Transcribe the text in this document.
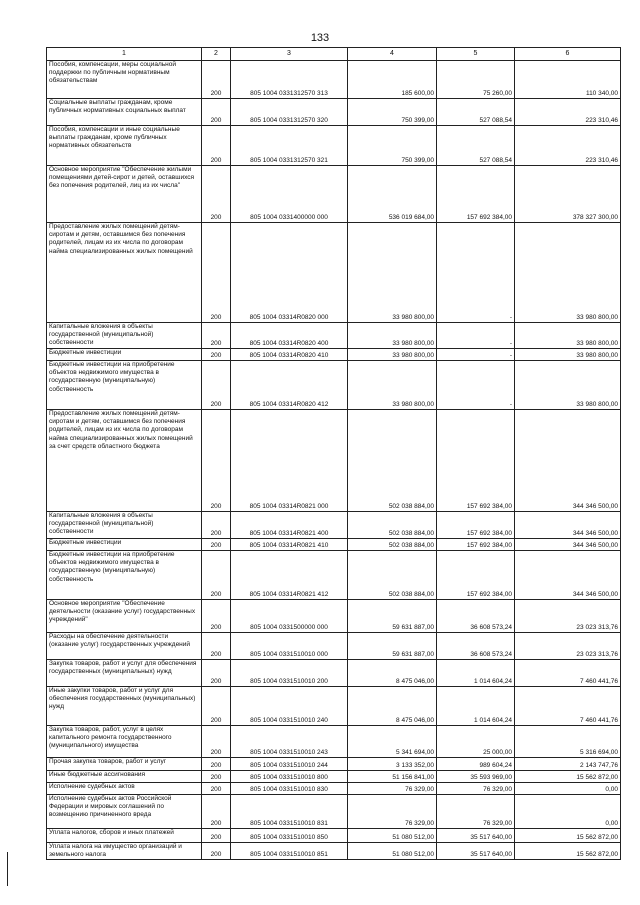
133
1	2	3	4	5	6
Пособия, компенсации, меры социальной поддержки по публичным нормативным обязательствам	200	805 1004 0331312570 313	185 600,00	75 260,00	110 340,00
Социальные выплаты гражданам, кроме публичных нормативных социальных выплат	200	805 1004 0331312570 320	750 399,00	527 088,54	223 310,46
Пособия, компенсации и иные социальные выплаты гражданам, кроме публичных нормативных обязательств	200	805 1004 0331312570 321	750 399,00	527 088,54	223 310,46
Основное мероприятие "Обеспечение жилыми помещениями детей-сирот и детей, оставшихся без попечения родителей, лиц из их числа"	200	805 1004 0331400000 000	536 019 684,00	157 692 384,00	378 327 300,00
Предоставление жилых помещений детям-сиротам и детям, оставшимся без попечения родителей, лицам из их числа по договорам найма специализированных жилых помещений	200	805 1004 03314R0820 000	33 980 800,00	-	33 980 800,00
Капитальные вложения в объекты государственной (муниципальной) собственности	200	805 1004 03314R0820 400	33 980 800,00	-	33 980 800,00
Бюджетные инвестиции	200	805 1004 03314R0820 410	33 980 800,00	-	33 980 800,00
Бюджетные инвестиции на приобретение объектов недвижимого имущества в государственную (муниципальную) собственность	200	805 1004 03314R0820 412	33 980 800,00	-	33 980 800,00
Предоставление жилых помещений детям-сиротам и детям, оставшимся без попечения родителей, лицам из их числа по договорам найма специализированных жилых помещений за счет средств областного бюджета	200	805 1004 03314R0821 000	502 038 884,00	157 692 384,00	344 346 500,00
Капитальные вложения в объекты государственной (муниципальной) собственности	200	805 1004 03314R0821 400	502 038 884,00	157 692 384,00	344 346 500,00
Бюджетные инвестиции	200	805 1004 03314R0821 410	502 038 884,00	157 692 384,00	344 346 500,00
Бюджетные инвестиции на приобретение объектов недвижимого имущества в государственную (муниципальную) собственность	200	805 1004 03314R0821 412	502 038 884,00	157 692 384,00	344 346 500,00
Основное мероприятие "Обеспечение деятельности (оказание услуг) государственных учреждений"	200	805 1004 0331500000 000	59 631 887,00	36 608 573,24	23 023 313,76
Расходы на обеспечение деятельности (оказание услуг) государственных учреждений	200	805 1004 0331510010 000	59 631 887,00	36 608 573,24	23 023 313,76
Закупка товаров, работ и услуг для обеспечения государственных (муниципальных) нужд	200	805 1004 0331510010 200	8 475 046,00	1 014 604,24	7 460 441,76
Иные закупки товаров, работ и услуг для обеспечения государственных (муниципальных) нужд	200	805 1004 0331510010 240	8 475 046,00	1 014 604,24	7 460 441,76
Закупка товаров, работ, услуг в целях капитального ремонта государственного (муниципального) имущества	200	805 1004 0331510010 243	5 341 694,00	25 000,00	5 316 694,00
Прочая закупка товаров, работ и услуг	200	805 1004 0331510010 244	3 133 352,00	989 604,24	2 143 747,76
Иные бюджетные ассигнования	200	805 1004 0331510010 800	51 156 841,00	35 593 969,00	15 562 872,00
Исполнение судебных актов	200	805 1004 0331510010 830	76 329,00	76 329,00	0,00
Исполнение судебных актов Российской Федерации и мировых соглашений по возмещению причиненного вреда	200	805 1004 0331510010 831	76 329,00	76 329,00	0,00
Уплата налогов, сборов и иных платежей	200	805 1004 0331510010 850	51 080 512,00	35 517 640,00	15 562 872,00
Уплата налога на имущество организаций и земельного налога	200	805 1004 0331510010 851	51 080 512,00	35 517 640,00	15 562 872,00
